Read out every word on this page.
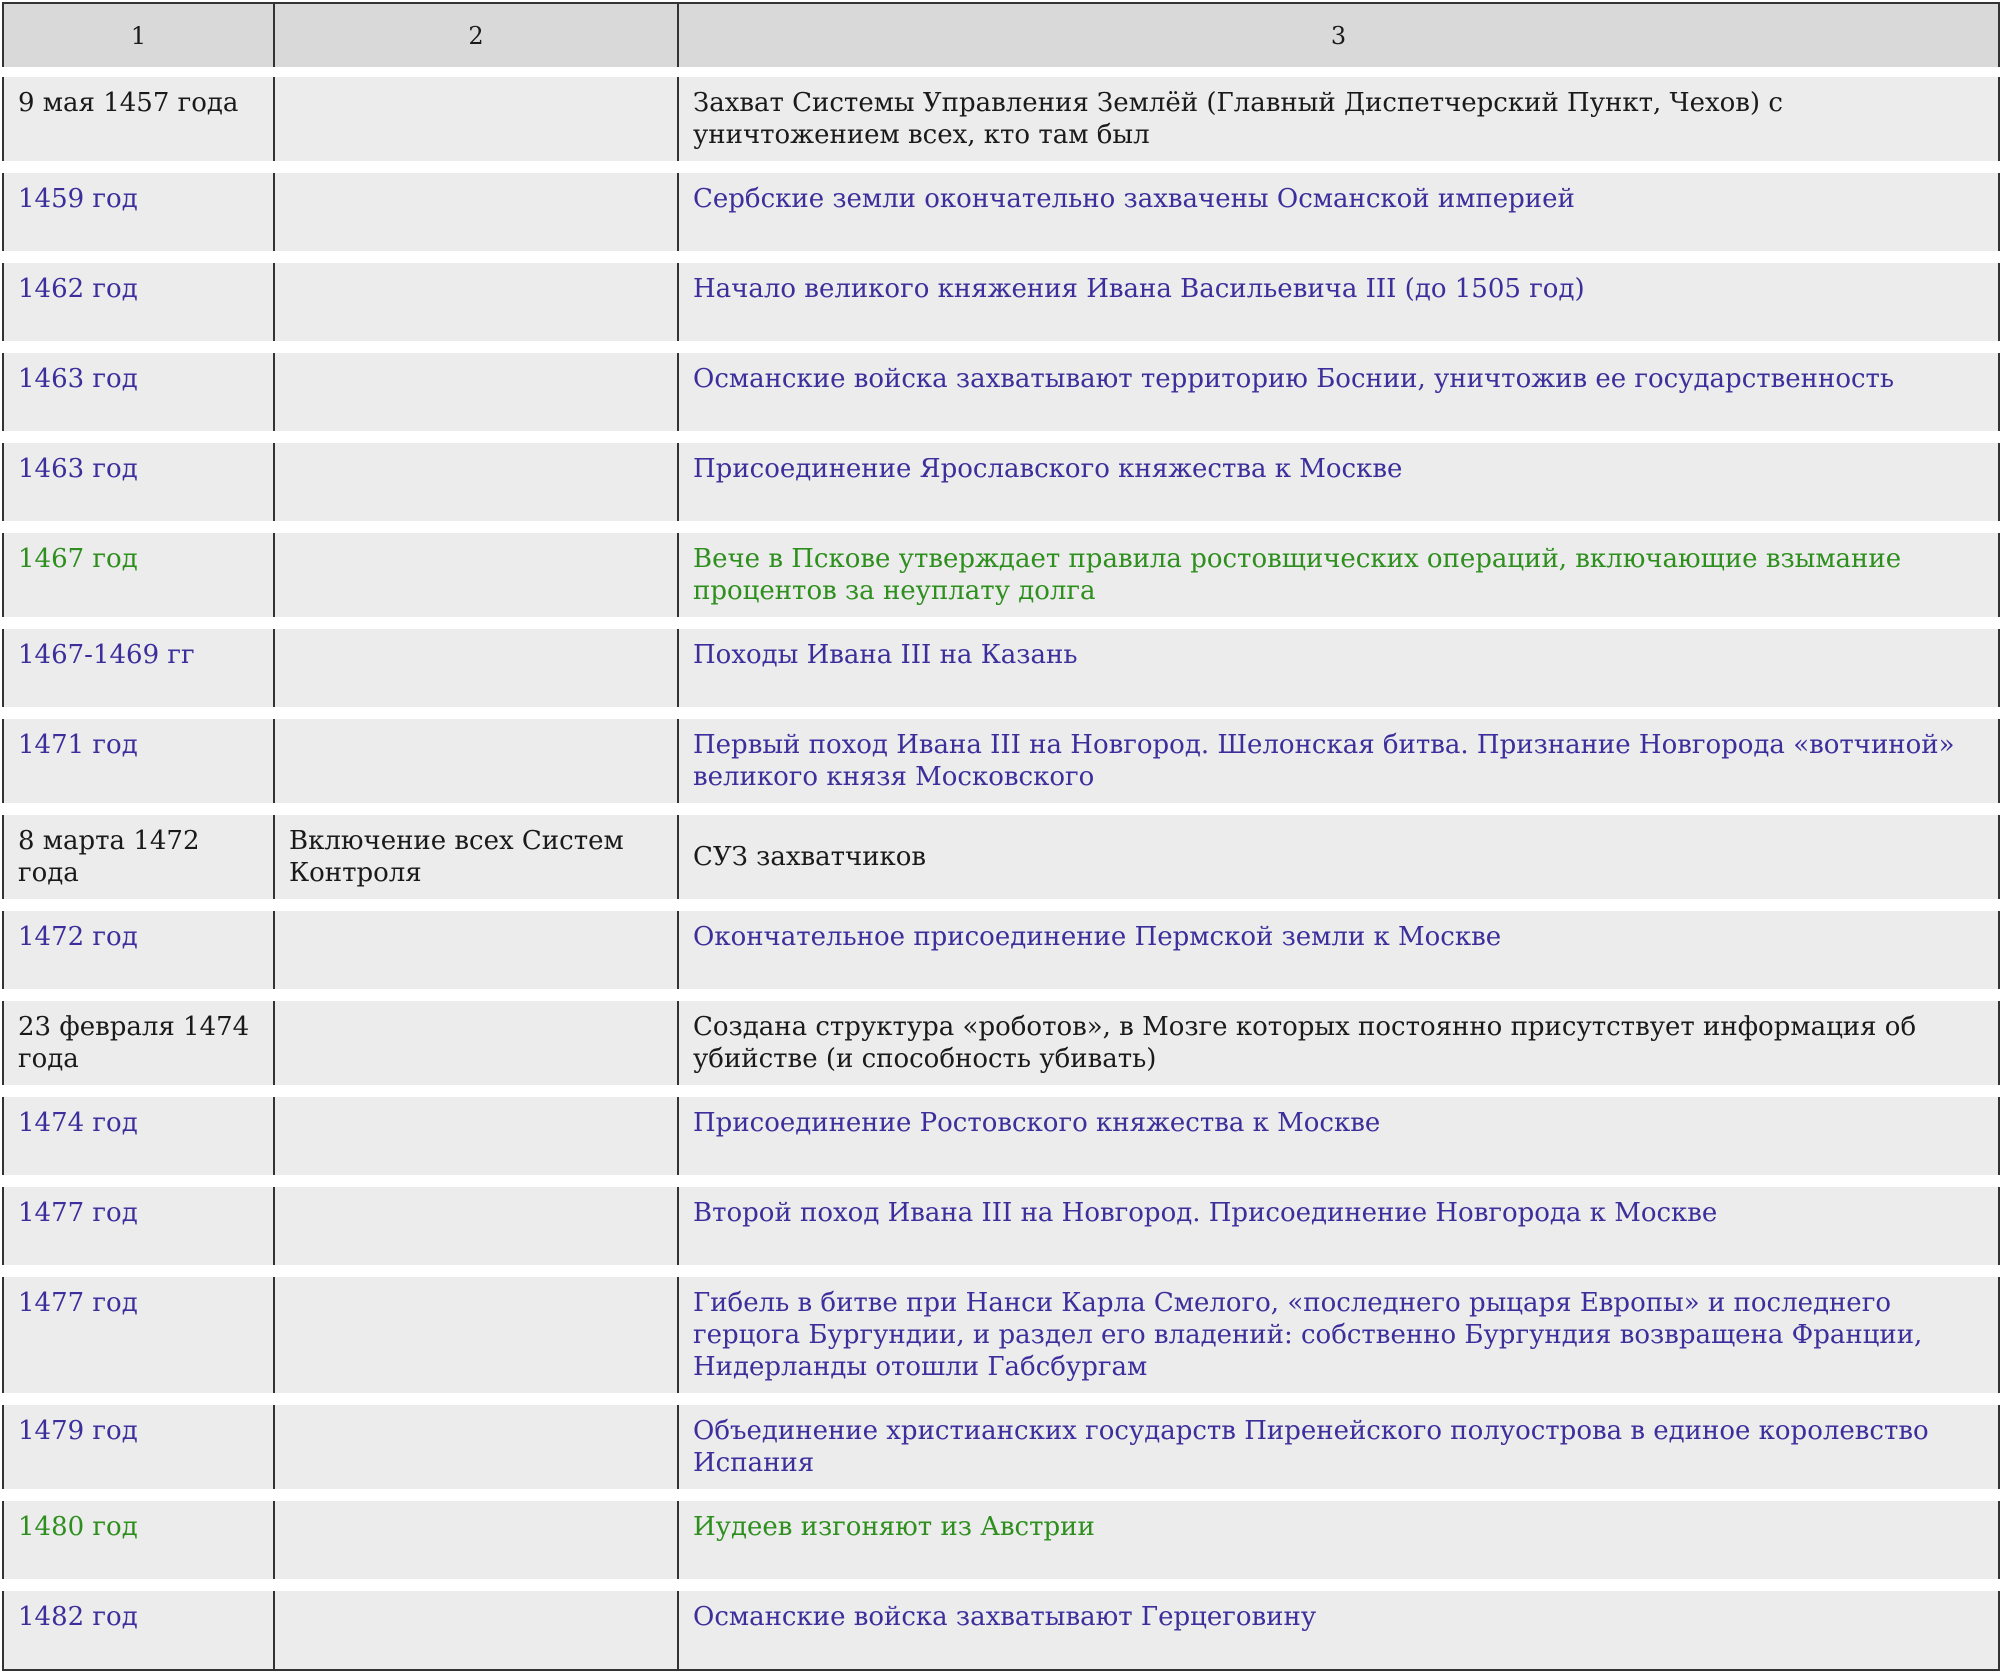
1	2	3
9 мая 1457 года		Захват Системы Управления Землёй (Главный Диспетчерский Пункт, Чехов) с уничтожением всех, кто там был
1459 год		Сербские земли окончательно захвачены Османской империей
1462 год		Начало великого княжения Ивана Васильевича III (до 1505 год)
1463 год		Османские войска захватывают территорию Боснии, уничтожив ее государственность
1463 год		Присоединение Ярославского княжества к Москве
1467 год		Вече в Пскове утверждает правила ростовщических операций, включающие взымание процентов за неуплату долга
1467-1469 гг		Походы Ивана III на Казань
1471 год		Первый поход Ивана III на Новгород. Шелонская битва. Признание Новгорода «вотчиной» великого князя Московского
8 марта 1472 года	Включение всех Систем Контроля	СУЗ захватчиков
1472 год		Окончательное присоединение Пермской земли к Москве
23 февраля 1474 года		Создана структура «роботов», в Мозге которых постоянно присутствует информация об убийстве (и способность убивать)
1474 год		Присоединение Ростовского княжества к Москве
1477 год		Второй поход Ивана III на Новгород. Присоединение Новгорода к Москве
1477 год		Гибель в битве при Нанси Карла Смелого, «последнего рыцаря Европы» и последнего герцога Бургундии, и раздел его владений: собственно Бургундия возвращена Франции, Нидерланды отошли Габсбургам
1479 год		Объединение христианских государств Пиренейского полуострова в единое королевство Испания
1480 год		Иудеев изгоняют из Австрии
1482 год		Османские войска захватывают Герцеговину
